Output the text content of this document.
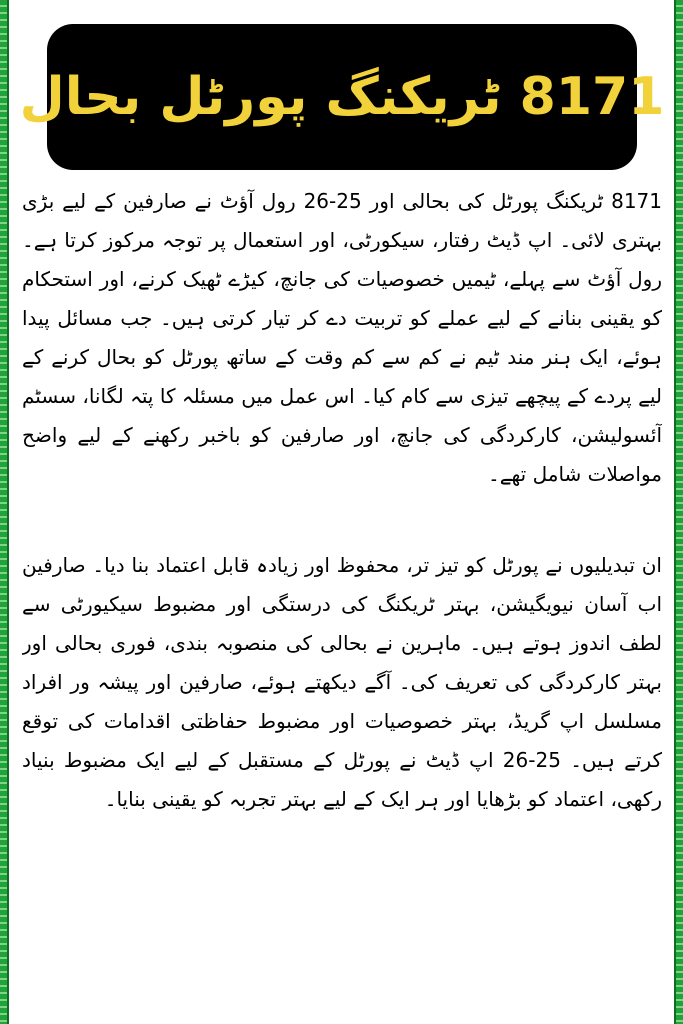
8171 ٹریکنگ پورٹل بحال

8171 ٹریکنگ پورٹل کی بحالی اور 25-26 رول آؤٹ نے صارفین کے لیے بڑی بہتری لائی۔ اپ ڈیٹ رفتار، سیکورٹی، اور استعمال پر توجہ مرکوز کرتا ہے۔ رول آؤٹ سے پہلے، ٹیمیں خصوصیات کی جانچ، کیڑے ٹھیک کرنے، اور استحکام کو یقینی بنانے کے لیے عملے کو تربیت دے کر تیار کرتی ہیں۔ جب مسائل پیدا ہوئے، ایک ہنر مند ٹیم نے کم سے کم وقت کے ساتھ پورٹل کو بحال کرنے کے لیے پردے کے پیچھے تیزی سے کام کیا۔ اس عمل میں مسئلہ کا پتہ لگانا، سسٹم آئسولیشن، کارکردگی کی جانچ، اور صارفین کو باخبر رکھنے کے لیے واضح مواصلات شامل تھے۔

ان تبدیلیوں نے پورٹل کو تیز تر، محفوظ اور زیادہ قابل اعتماد بنا دیا۔ صارفین اب آسان نیویگیشن، بہتر ٹریکنگ کی درستگی اور مضبوط سیکیورٹی سے لطف اندوز ہوتے ہیں۔ ماہرین نے بحالی کی منصوبہ بندی، فوری بحالی اور بہتر کارکردگی کی تعریف کی۔ آگے دیکھتے ہوئے، صارفین اور پیشہ ور افراد مسلسل اپ گریڈ، بہتر خصوصیات اور مضبوط حفاظتی اقدامات کی توقع کرتے ہیں۔ 25-26 اپ ڈیٹ نے پورٹل کے مستقبل کے لیے ایک مضبوط بنیاد رکھی، اعتماد کو بڑھایا اور ہر ایک کے لیے بہتر تجربہ کو یقینی بنایا۔
